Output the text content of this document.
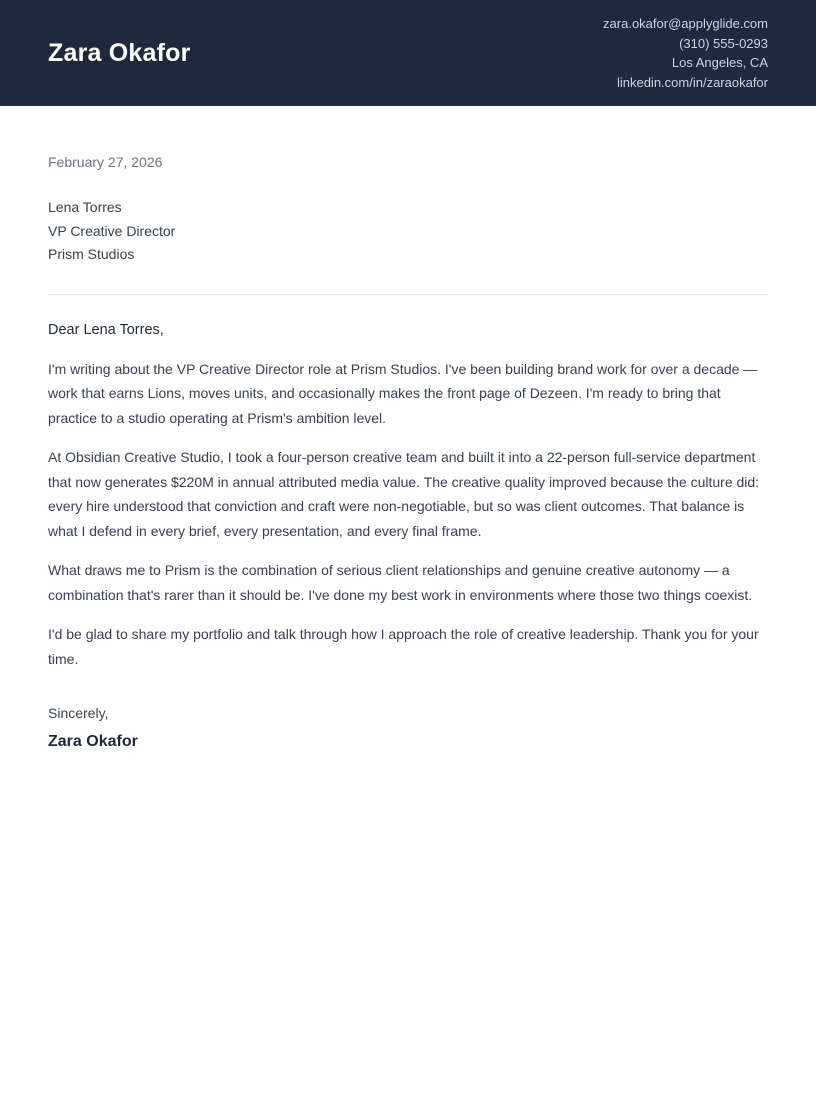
Zara Okafor
zara.okafor@applyglide.com
(310) 555-0293
Los Angeles, CA
linkedin.com/in/zaraokafor
February 27, 2026
Lena Torres
VP Creative Director
Prism Studios
Dear Lena Torres,

I'm writing about the VP Creative Director role at Prism Studios. I've been building brand work for over a decade — work that earns Lions, moves units, and occasionally makes the front page of Dezeen. I'm ready to bring that practice to a studio operating at Prism's ambition level.

At Obsidian Creative Studio, I took a four-person creative team and built it into a 22-person full-service department that now generates $220M in annual attributed media value. The creative quality improved because the culture did: every hire understood that conviction and craft were non-negotiable, but so was client outcomes. That balance is what I defend in every brief, every presentation, and every final frame.

What draws me to Prism is the combination of serious client relationships and genuine creative autonomy — a combination that's rarer than it should be. I've done my best work in environments where those two things coexist.

I'd be glad to share my portfolio and talk through how I approach the role of creative leadership. Thank you for your time.

Sincerely,
Zara Okafor
